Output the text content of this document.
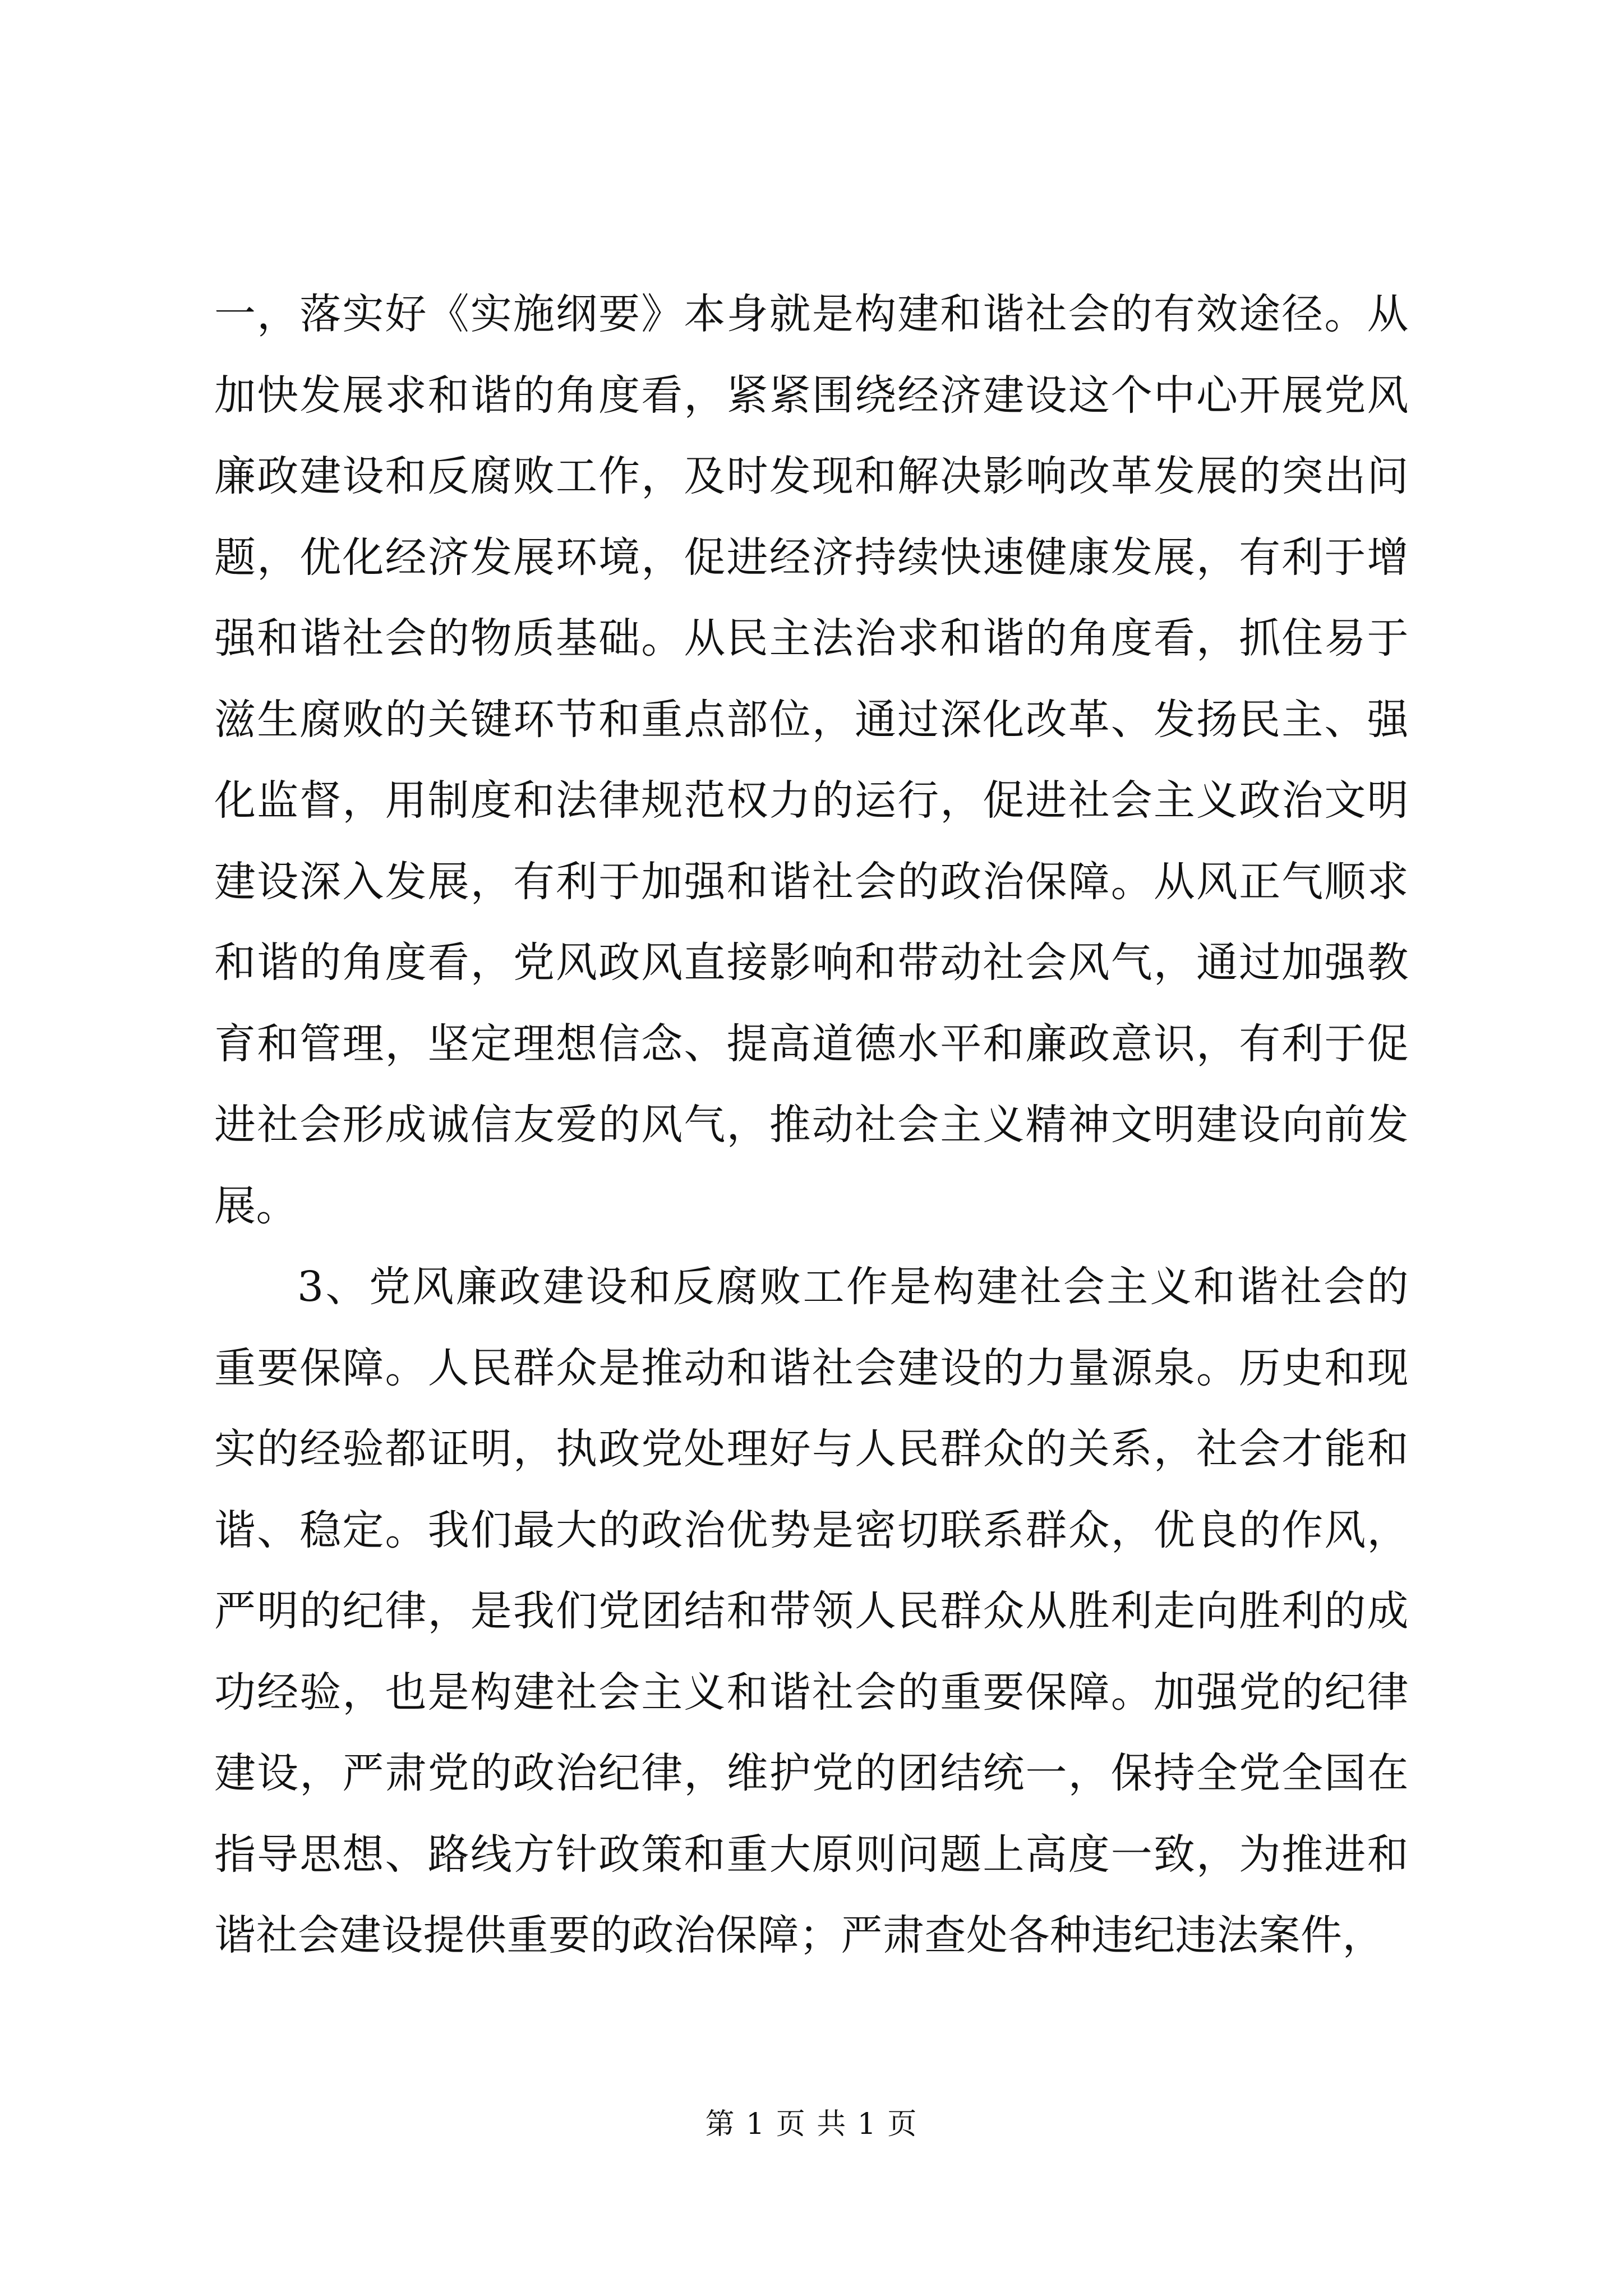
一，落实好《实施纲要》本身就是构建和谐社会的有效途径。从加快发展求和谐的角度看，紧紧围绕经济建设这个中心开展党风廉政建设和反腐败工作，及时发现和解决影响改革发展的突出问题，优化经济发展环境，促进经济持续快速健康发展，有利于增强和谐社会的物质基础。从民主法治求和谐的角度看，抓住易于滋生腐败的关键环节和重点部位，通过深化改革、发扬民主、强化监督，用制度和法律规范权力的运行，促进社会主义政治文明建设深入发展，有利于加强和谐社会的政治保障。从风正气顺求和谐的角度看，党风政风直接影响和带动社会风气，通过加强教育和管理，坚定理想信念、提高道德水平和廉政意识，有利于促进社会形成诚信友爱的风气，推动社会主义精神文明建设向前发展。

3、党风廉政建设和反腐败工作是构建社会主义和谐社会的重要保障。人民群众是推动和谐社会建设的力量源泉。历史和现实的经验都证明，执政党处理好与人民群众的关系，社会才能和谐、稳定。我们最大的政治优势是密切联系群众，优良的作风，严明的纪律，是我们党团结和带领人民群众从胜利走向胜利的成功经验，也是构建社会主义和谐社会的重要保障。加强党的纪律建设，严肃党的政治纪律，维护党的团结统一，保持全党全国在指导思想、路线方针政策和重大原则问题上高度一致，为推进和谐社会建设提供重要的政治保障；严肃查处各种违纪违法案件，

第 1 页 共 1 页
